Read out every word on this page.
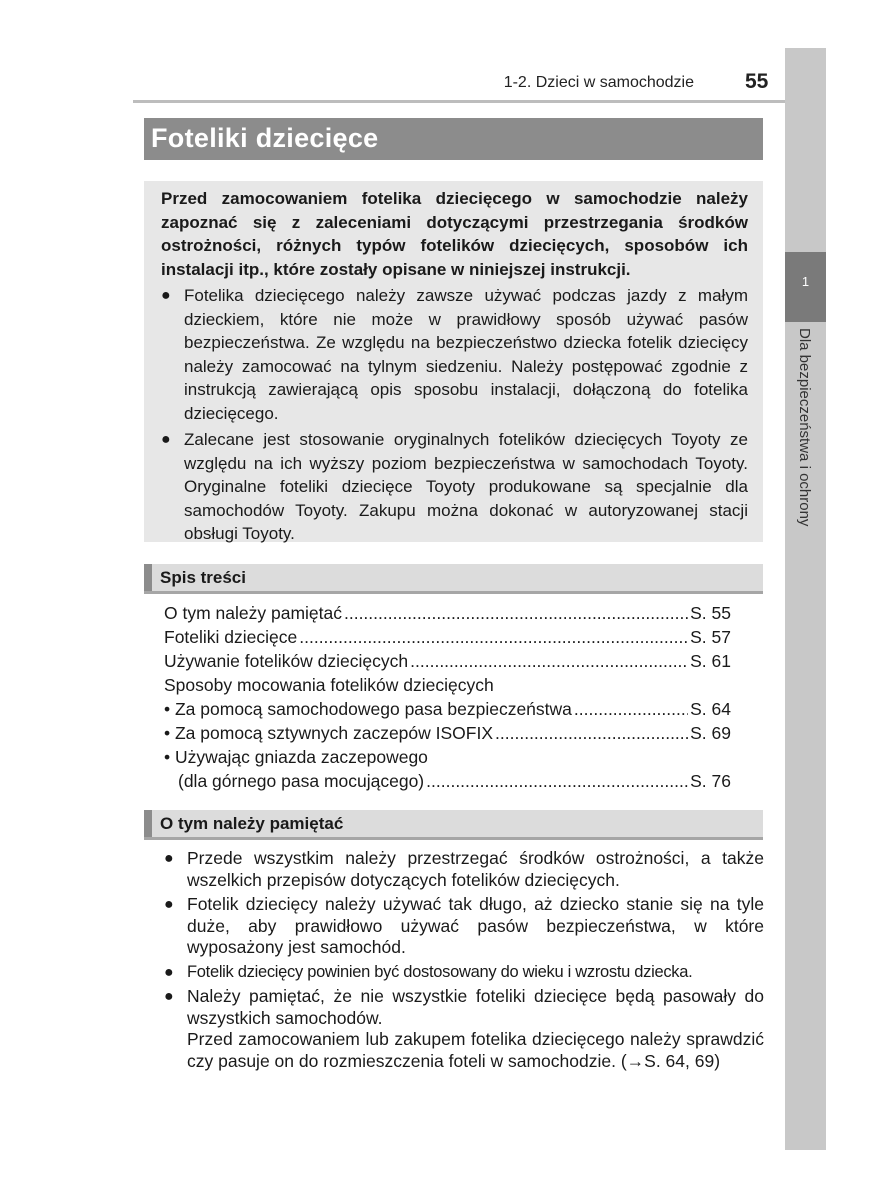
1
Dla bezpieczeństwa i ochrony
1-2. Dzieci w samochodzie 55
Foteliki dziecięce

Przed zamocowaniem fotelika dziecięcego w samochodzie należy zapoznać się z zaleceniami dotyczącymi przestrzegania środków ostrożności, różnych typów fotelików dziecięcych, sposobów ich instalacji itp., które zostały opisane w niniejszej instrukcji.

● Fotelika dziecięcego należy zawsze używać podczas jazdy z małym dzieckiem, które nie może w prawidłowy sposób używać pasów bezpieczeństwa. Ze względu na bezpieczeństwo dziecka fotelik dziecięcy należy zamocować na tylnym siedzeniu. Należy postępować zgodnie z instrukcją zawierającą opis sposobu instalacji, dołączoną do fotelika dziecięcego.
● Zalecane jest stosowanie oryginalnych fotelików dziecięcych Toyoty ze względu na ich wyższy poziom bezpieczeństwa w samochodach Toyoty. Oryginalne foteliki dziecięce Toyoty produkowane są specjalnie dla samochodów Toyoty. Zakupu można dokonać w autoryzowanej stacji obsługi Toyoty.
Spis treści
O tym należy pamiętać .....	S. 55
Foteliki dziecięce .....	S. 57
Używanie fotelików dziecięcych .....	S. 61
Sposoby mocowania fotelików dziecięcych
• Za pomocą samochodowego pasa bezpieczeństwa .....	S. 64
• Za pomocą sztywnych zaczepów ISOFIX .....	S. 69
• Używając gniazda zaczepowego
(dla górnego pasa mocującego) .....	S. 76
O tym należy pamiętać
● Przede wszystkim należy przestrzegać środków ostrożności, a także wszelkich przepisów dotyczących fotelików dziecięcych.
● Fotelik dziecięcy należy używać tak długo, aż dziecko stanie się na tyle duże, aby prawidłowo używać pasów bezpieczeństwa, w które wyposażony jest samochód.
● Fotelik dziecięcy powinien być dostosowany do wieku i wzrostu dziecka.
● Należy pamiętać, że nie wszystkie foteliki dziecięce będą pasowały do wszystkich samochodów.
Przed zamocowaniem lub zakupem fotelika dziecięcego należy sprawdzić czy pasuje on do rozmieszczenia foteli w samochodzie. (→S. 64, 69)
